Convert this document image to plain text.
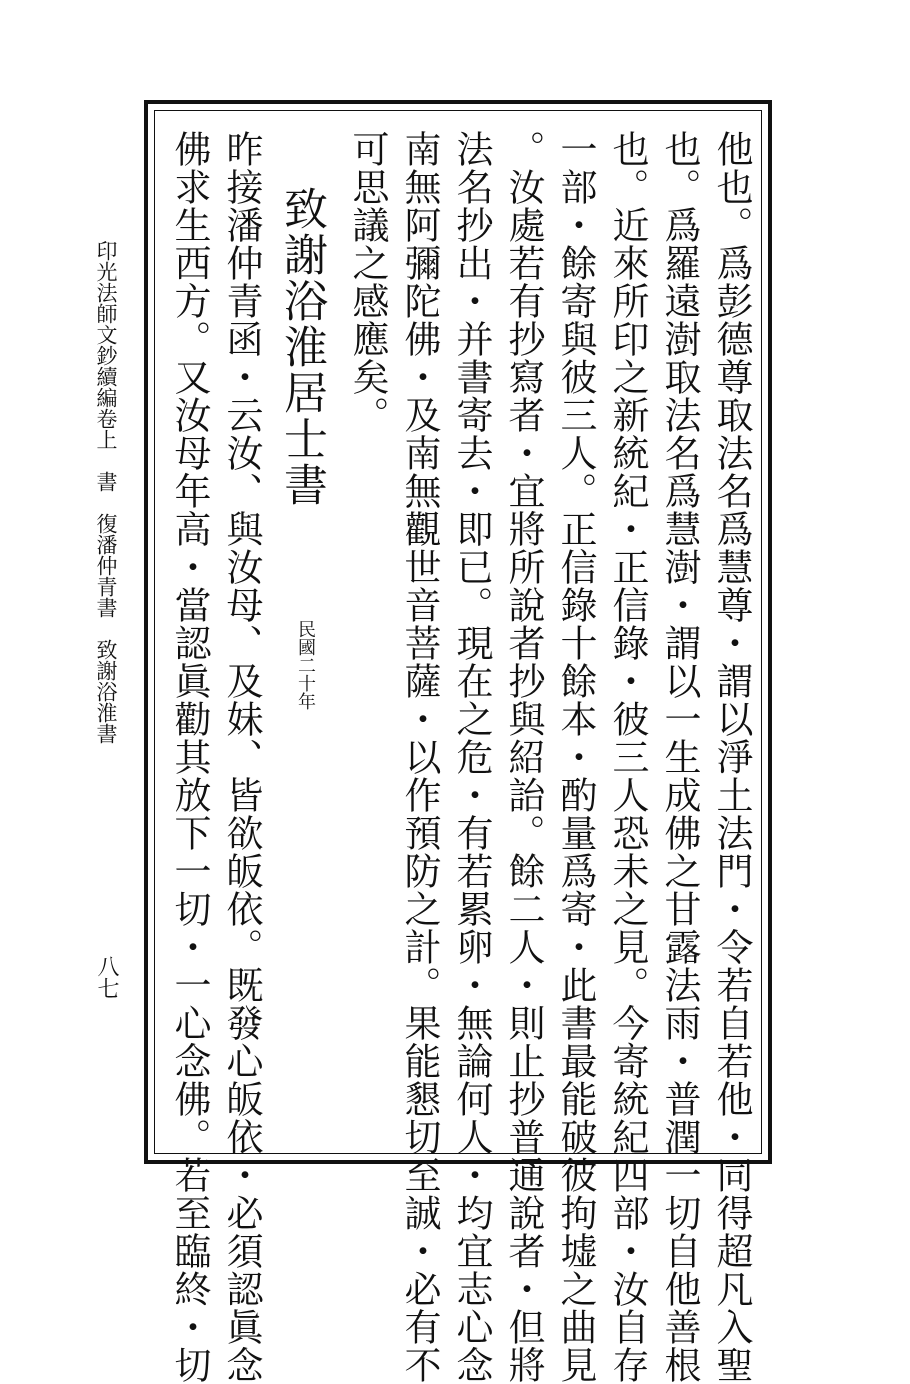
印光法師文鈔續編卷上　書　復潘仲青書　致謝浴淮書
八七	他也。爲彭德尊取法名爲慧尊・謂以淨土法門・令若自若他・同得超凡入聖
也。爲羅遠澍取法名爲慧澍・謂以一生成佛之甘露法雨・普潤一切自他善根
也。近來所印之新統紀・正信錄・彼三人恐未之見。今寄統紀四部・汝自存
一部・餘寄與彼三人。正信錄十餘本・酌量爲寄・此書最能破彼拘墟之曲見
。汝處若有抄寫者・宜將所說者抄與紹詒。餘二人・則止抄普通說者・但將
法名抄出・并書寄去・即已。現在之危・有若累卵・無論何人・均宜志心念
南無阿彌陀佛・及南無觀世音菩薩・以作預防之計。果能懇切至誠・必有不
可思議之感應矣。
致謝浴淮居士書
民國二十年
昨接潘仲青函・云汝、與汝母、及妹、皆欲皈依。既發心皈依・必須認眞念
佛求生西方。又汝母年高・當認眞勸其放下一切・一心念佛。若至臨終・切
